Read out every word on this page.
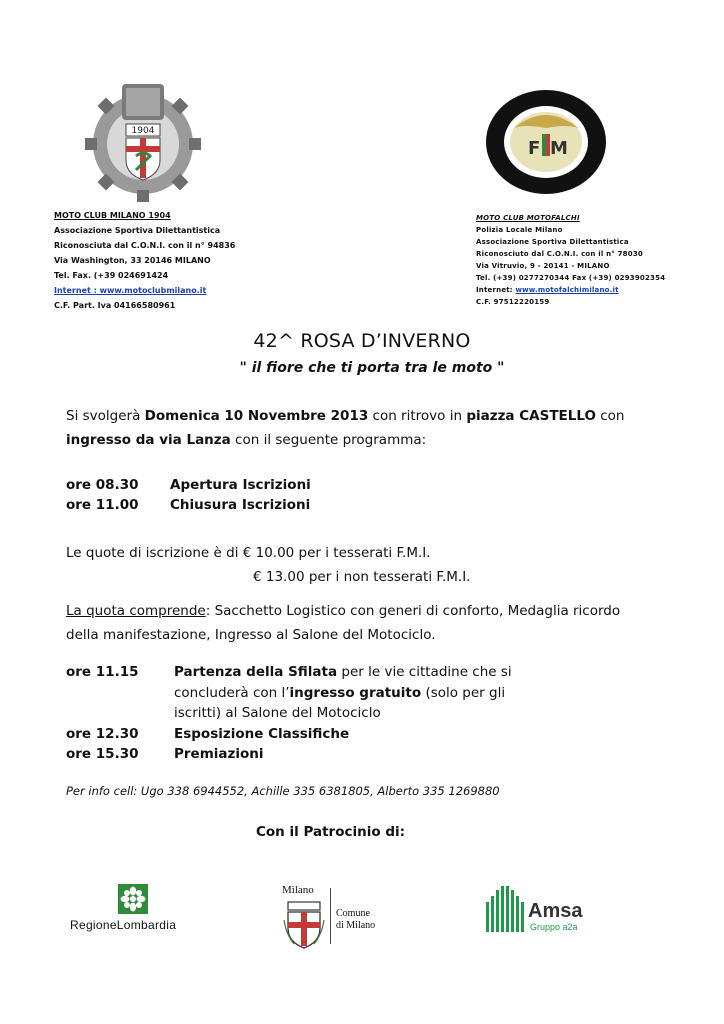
1904
F M
MOTO CLUB MILANO 1904
Associazione Sportiva Dilettantistica
Riconosciuta dal C.O.N.I. con il n° 94836
Via Washington, 33 20146 MILANO
Tel. Fax. (+39 024691424
Internet : www.motoclubmilano.it
C.F. Part. Iva 04166580961
MOTO CLUB MOTOFALCHI
Polizia Locale Milano
Associazione Sportiva Dilettantistica
Riconosciuto dal C.O.N.I. con il n° 78030
Via Vitruvio, 9 - 20141 - MILANO
Tel. (+39) 0277270344 Fax (+39) 0293902354
Internet: www.motofalchimilano.it
C.F. 97512220159
42^ ROSA D’INVERNO
" il fiore che ti porta tra le moto "
Si svolgerà Domenica 10 Novembre 2013 con ritrovo in piazza CASTELLO con
ingresso da via Lanza con il seguente programma:
ore 08.30 Apertura Iscrizioni
ore 11.00 Chiusura Iscrizioni
Le quote di iscrizione è di € 10.00 per i tesserati F.M.I.
€ 13.00 per i non tesserati F.M.I.
La quota comprende: Sacchetto Logistico con generi di conforto, Medaglia ricordo
della manifestazione, Ingresso al Salone del Motociclo.
ore 11.15	Partenza della Sfilata per le vie cittadine che si
concluderà con l’ingresso gratuito (solo per gli
iscritti) al Salone del Motociclo
ore 12.30	Esposizione Classifiche
ore 15.30	Premiazioni
Per info cell: Ugo 338 6944552, Achille 335 6381805, Alberto 335 1269880
Con il Patrocinio di:
RegioneLombardia
Milano
Comune
di Milano
Amsa
Gruppo a2a
